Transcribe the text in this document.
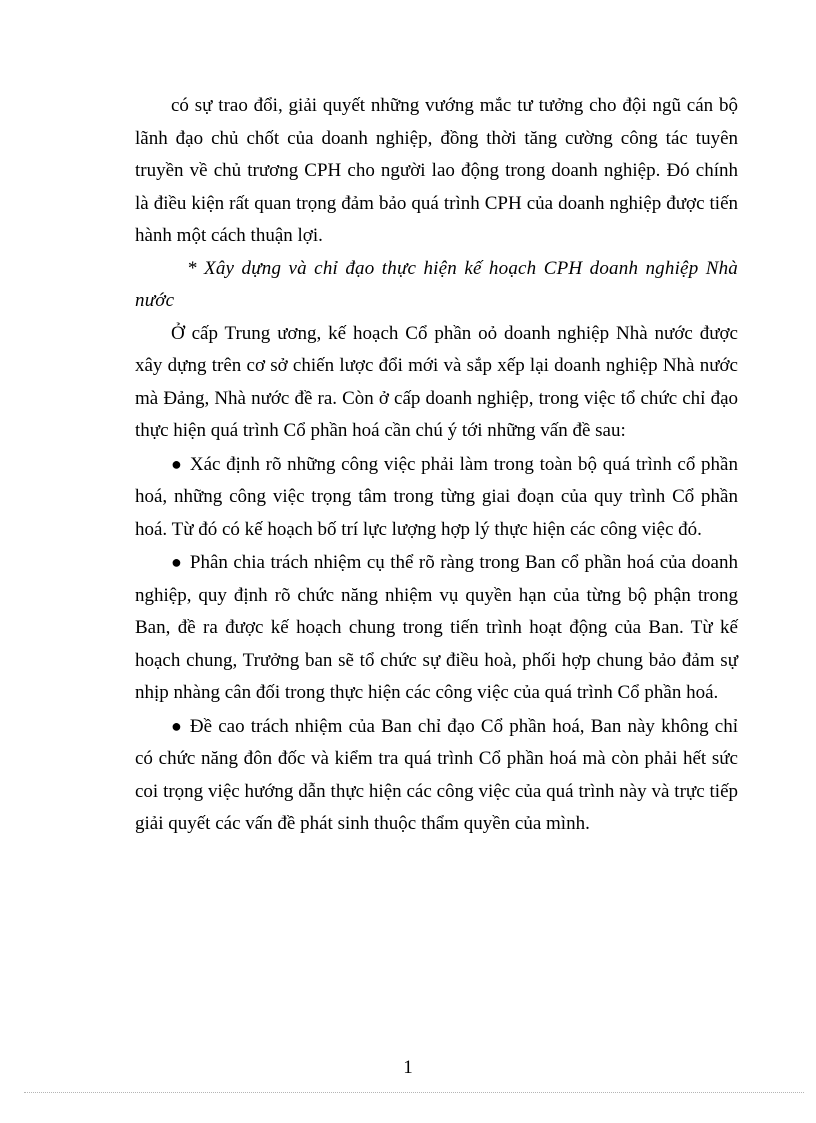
có sự trao đổi, giải quyết những vướng mắc tư tưởng cho đội ngũ cán bộ lãnh đạo chủ chốt của doanh nghiệp, đồng thời tăng cường công tác tuyên truyền về chủ trương CPH cho người lao động trong doanh nghiệp. Đó chính là điều kiện rất quan trọng đảm bảo quá trình CPH của doanh nghiệp được tiến hành một cách thuận lợi.

* Xây dựng và chỉ đạo thực hiện kế hoạch CPH doanh nghiệp Nhà nước

Ở cấp Trung ương, kế hoạch Cổ phần oỏ doanh nghiệp Nhà nước được xây dựng trên cơ sở chiến lược đổi mới và sắp xếp lại doanh nghiệp Nhà nước mà Đảng, Nhà nước đề ra. Còn ở cấp doanh nghiệp, trong việc tổ chức chỉ đạo thực hiện quá trình Cổ phần hoá cần chú ý tới những vấn đề sau:

● Xác định rõ những công việc phải làm trong toàn bộ quá trình cổ phần hoá, những công việc trọng tâm trong từng giai đoạn của quy trình Cổ phần hoá. Từ đó có kế hoạch bố trí lực lượng hợp lý thực hiện các công việc đó.

● Phân chia trách nhiệm cụ thể rõ ràng trong Ban cổ phần hoá của doanh nghiệp, quy định rõ chức năng nhiệm vụ quyền hạn của từng bộ phận trong Ban, đề ra được kế hoạch chung trong tiến trình hoạt động của Ban. Từ kế hoạch chung, Trưởng ban sẽ tổ chức sự điều hoà, phối hợp chung bảo đảm sự nhịp nhàng cân đối trong thực hiện các công việc của quá trình Cổ phần hoá.

● Đề cao trách nhiệm của Ban chỉ đạo Cổ phần hoá, Ban này không chỉ có chức năng đôn đốc và kiểm tra quá trình Cổ phần hoá mà còn phải hết sức coi trọng việc hướng dẫn thực hiện các công việc của quá trình này và trực tiếp giải quyết các vấn đề phát sinh thuộc thẩm quyền của mình.

1
